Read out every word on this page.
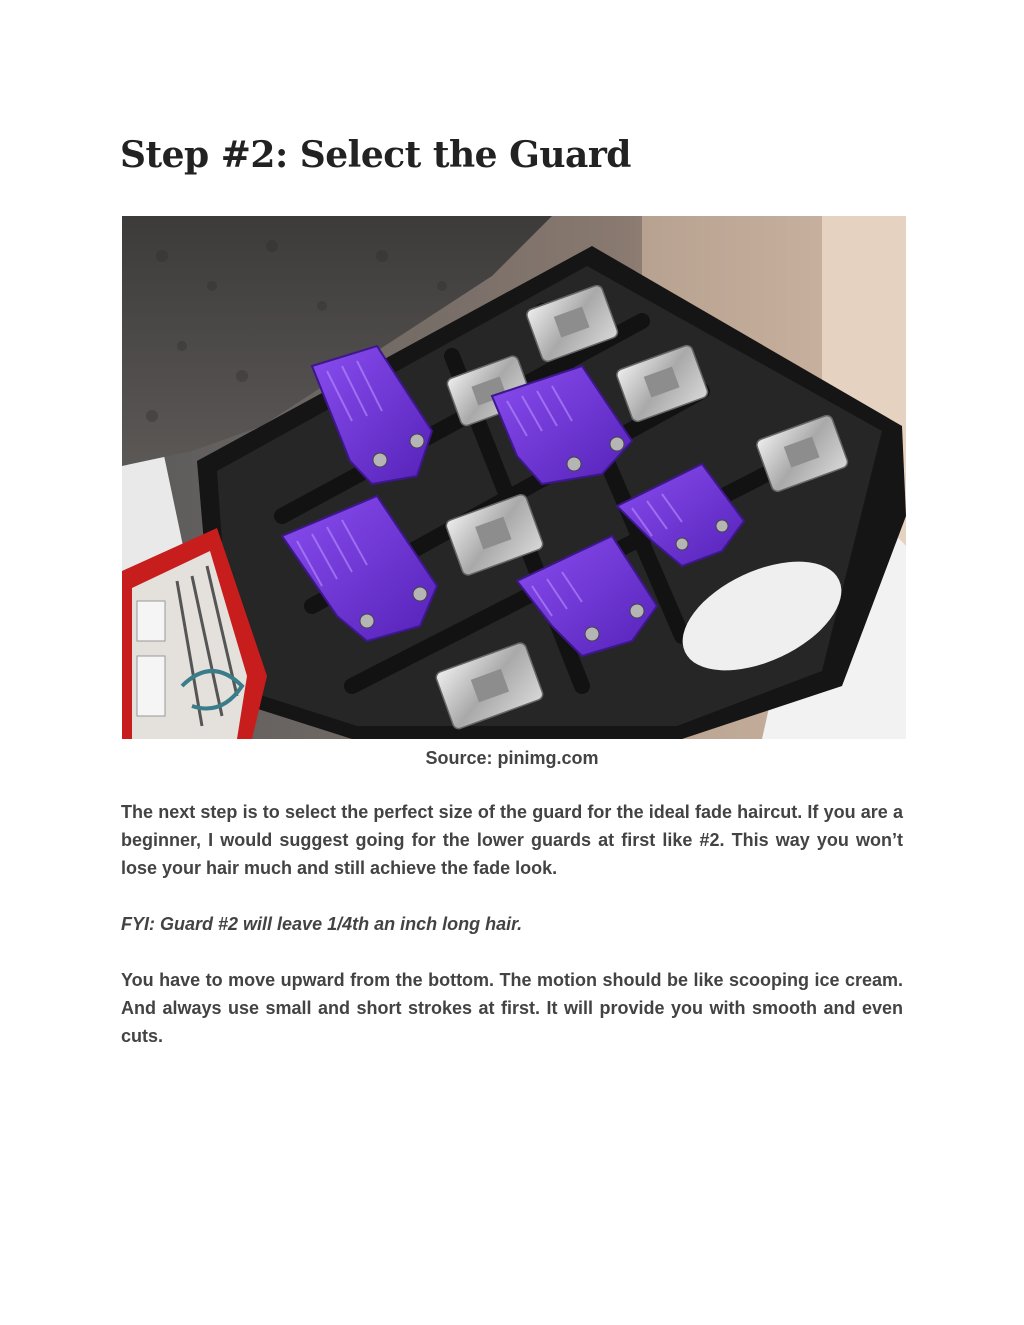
Step #2: Select the Guard
Source: pinimg.com

The next step is to select the perfect size of the guard for the ideal fade haircut. If you are a beginner, I would suggest going for the lower guards at first like #2. This way you won’t lose your hair much and still achieve the fade look.

FYI: Guard #2 will leave 1/4th an inch long hair.

You have to move upward from the bottom. The motion should be like scooping ice cream. And always use small and short strokes at first. It will provide you with smooth and even cuts.
